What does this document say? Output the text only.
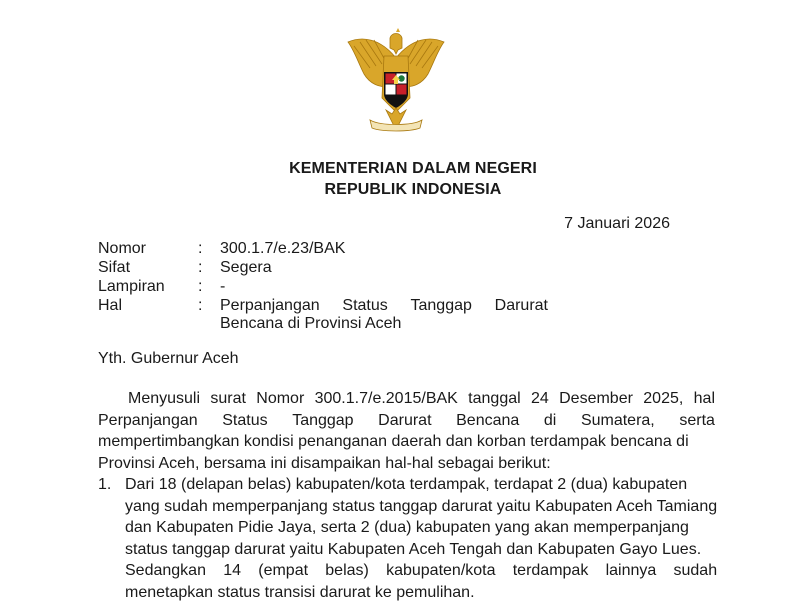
KEMENTERIAN DALAM NEGERI
REPUBLIK INDONESIA
7 Januari 2026
Nomor	:	300.1.7/e.23/BAK
Sifat	:	Segera
Lampiran	:	-
Hal	:	Perpanjangan Status Tanggap Darurat
Bencana di Provinsi Aceh
Yth. Gubernur Aceh
Menyusuli surat Nomor 300.1.7/e.2015/BAK tanggal 24 Desember 2025, hal
Perpanjangan Status Tanggap Darurat Bencana di Sumatera, serta
mempertimbangkan kondisi penanganan daerah dan korban terdampak bencana di
Provinsi Aceh, bersama ini disampaikan hal-hal sebagai berikut:
1. Dari 18 (delapan belas) kabupaten/kota terdampak, terdapat 2 (dua) kabupaten
yang sudah memperpanjang status tanggap darurat yaitu Kabupaten Aceh Tamiang
dan Kabupaten Pidie Jaya, serta 2 (dua) kabupaten yang akan memperpanjang
status tanggap darurat yaitu Kabupaten Aceh Tengah dan Kabupaten Gayo Lues.
Sedangkan 14 (empat belas) kabupaten/kota terdampak lainnya sudah
menetapkan status transisi darurat ke pemulihan.
